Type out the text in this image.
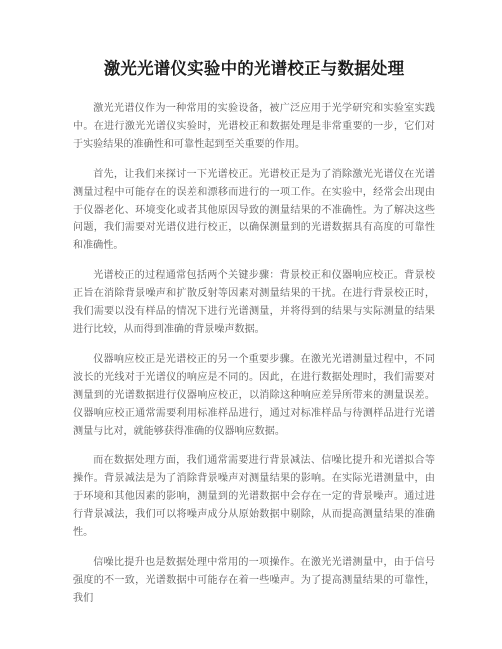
激光光谱仪实验中的光谱校正与数据处理

激光光谱仪作为一种常用的实验设备，被广泛应用于光学研究和实验室实践中。在进行激光光谱仪实验时，光谱校正和数据处理是非常重要的一步，它们对于实验结果的准确性和可靠性起到至关重要的作用。

首先，让我们来探讨一下光谱校正。光谱校正是为了消除激光光谱仪在光谱测量过程中可能存在的误差和漂移而进行的一项工作。在实验中，经常会出现由于仪器老化、环境变化或者其他原因导致的测量结果的不准确性。为了解决这些问题，我们需要对光谱仪进行校正，以确保测量到的光谱数据具有高度的可靠性和准确性。

光谱校正的过程通常包括两个关键步骤：背景校正和仪器响应校正。背景校正旨在消除背景噪声和扩散反射等因素对测量结果的干扰。在进行背景校正时，我们需要以没有样品的情况下进行光谱测量，并将得到的结果与实际测量的结果进行比较，从而得到准确的背景噪声数据。

仪器响应校正是光谱校正的另一个重要步骤。在激光光谱测量过程中，不同波长的光线对于光谱仪的响应是不同的。因此，在进行数据处理时，我们需要对测量到的光谱数据进行仪器响应校正，以消除这种响应差异所带来的测量误差。仪器响应校正通常需要利用标准样品进行，通过对标准样品与待测样品进行光谱测量与比对，就能够获得准确的仪器响应数据。

而在数据处理方面，我们通常需要进行背景减法、信噪比提升和光谱拟合等操作。背景减法是为了消除背景噪声对测量结果的影响。在实际光谱测量中，由于环境和其他因素的影响，测量到的光谱数据中会存在一定的背景噪声。通过进行背景减法，我们可以将噪声成分从原始数据中剔除，从而提高测量结果的准确性。

信噪比提升也是数据处理中常用的一项操作。在激光光谱测量中，由于信号强度的不一致，光谱数据中可能存在着一些噪声。为了提高测量结果的可靠性，我们
